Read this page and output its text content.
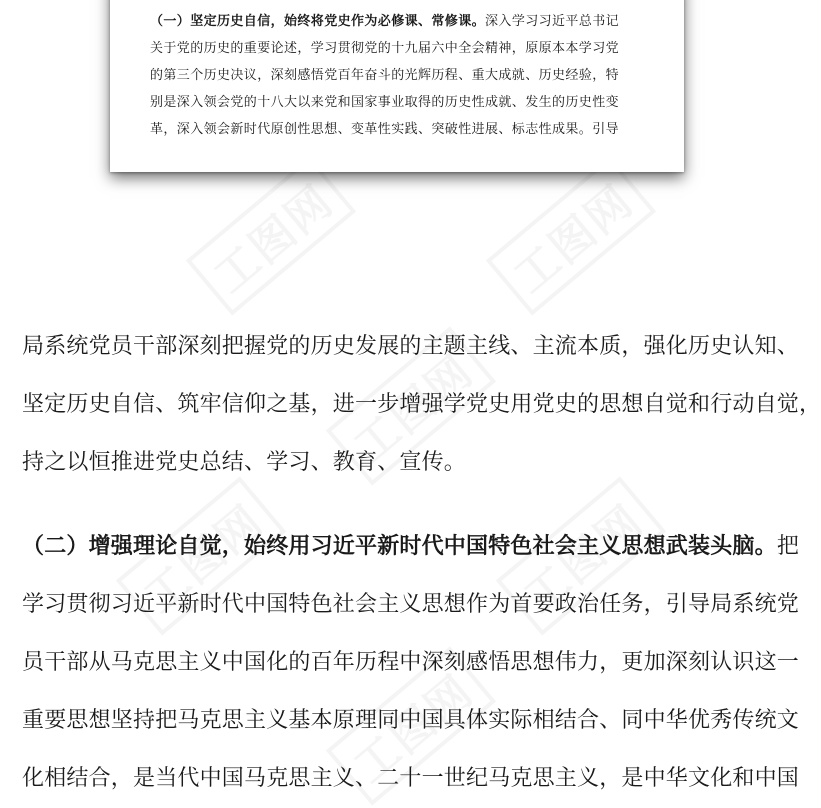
（一）坚定历史自信，始终将党史作为必修课、常修课。深入学习习近平总书记
关于党的历史的重要论述，学习贯彻党的十九届六中全会精神，原原本本学习党
的第三个历史决议，深刻感悟党百年奋斗的光辉历程、重大成就、历史经验，特
别是深入领会党的十八大以来党和国家事业取得的历史性成就、发生的历史性变
革，深入领会新时代原创性思想、变革性实践、突破性进展、标志性成果。引导
局系统党员干部深刻把握党的历史发展的主题主线、主流本质，强化历史认知、
坚定历史自信、筑牢信仰之基，进一步增强学党史用党史的思想自觉和行动自觉，
持之以恒推进党史总结、学习、教育、宣传。
（二）增强理论自觉，始终用习近平新时代中国特色社会主义思想武装头脑。把
学习贯彻习近平新时代中国特色社会主义思想作为首要政治任务，引导局系统党
员干部从马克思主义中国化的百年历程中深刻感悟思想伟力，更加深刻认识这一
重要思想坚持把马克思主义基本原理同中国具体实际相结合、同中华优秀传统文
化相结合，是当代中国马克思主义、二十一世纪马克思主义，是中华文化和中国
